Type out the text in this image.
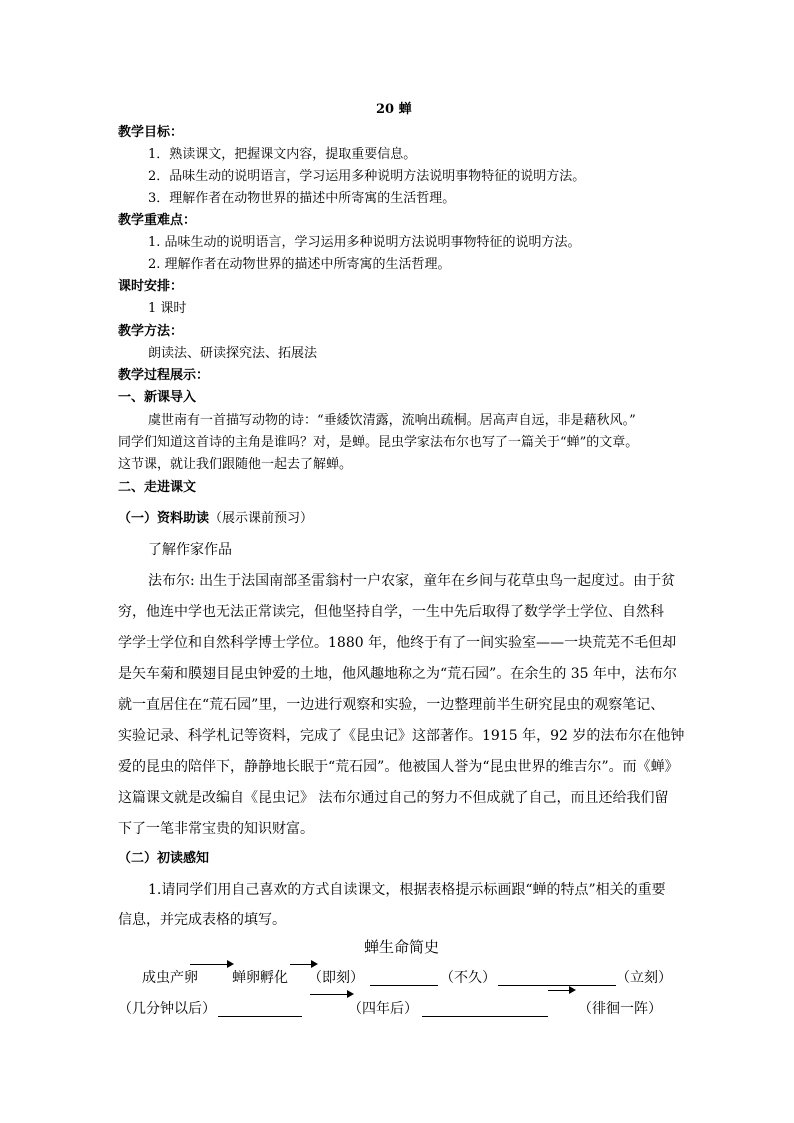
20 蝉
教学目标：
1．熟读课文，把握课文内容，提取重要信息。
2．品味生动的说明语言，学习运用多种说明方法说明事物特征的说明方法。
3．理解作者在动物世界的描述中所寄寓的生活哲理。
教学重难点：
1. 品味生动的说明语言，学习运用多种说明方法说明事物特征的说明方法。
2. 理解作者在动物世界的描述中所寄寓的生活哲理。
课时安排：
1 课时
教学方法：
朗读法、研读探究法、拓展法
教学过程展示：
一、新课导入
虞世南有一首描写动物的诗：“垂緌饮清露，流响出疏桐。居高声自远，非是藉秋风。”
同学们知道这首诗的主角是谁吗？对，是蝉。昆虫学家法布尔也写了一篇关于“蝉”的文章。
这节课，就让我们跟随他一起去了解蝉。
二、走进课文
（一）资料助读（展示课前预习）
了解作家作品
法布尔: 出生于法国南部圣雷翁村一户农家，童年在乡间与花草虫鸟一起度过。由于贫
穷，他连中学也无法正常读完，但他坚持自学，一生中先后取得了数学学士学位、自然科
学学士学位和自然科学博士学位。1880 年，他终于有了一间实验室——一块荒芜不毛但却
是矢车菊和膜翅目昆虫钟爱的土地，他风趣地称之为“荒石园”。在余生的 35 年中，法布尔
就一直居住在“荒石园”里，一边进行观察和实验，一边整理前半生研究昆虫的观察笔记、
实验记录、科学札记等资料，完成了《昆虫记》这部著作。1915 年，92 岁的法布尔在他钟
爱的昆虫的陪伴下，静静地长眠于“荒石园”。他被国人誉为“昆虫世界的维吉尔”。而《蝉》
这篇课文就是改编自《昆虫记》 法布尔通过自己的努力不但成就了自己，而且还给我们留
下了一笔非常宝贵的知识财富。
（二）初读感知
1.请同学们用自己喜欢的方式自读课文，根据表格提示标画跟“蝉的特点”相关的重要
信息，并完成表格的填写。
蝉生命简史
成虫产卵 蝉卵孵化 （即刻）	（不久）	（立刻）
（几分钟以后）	（四年后）	（徘徊一阵）
